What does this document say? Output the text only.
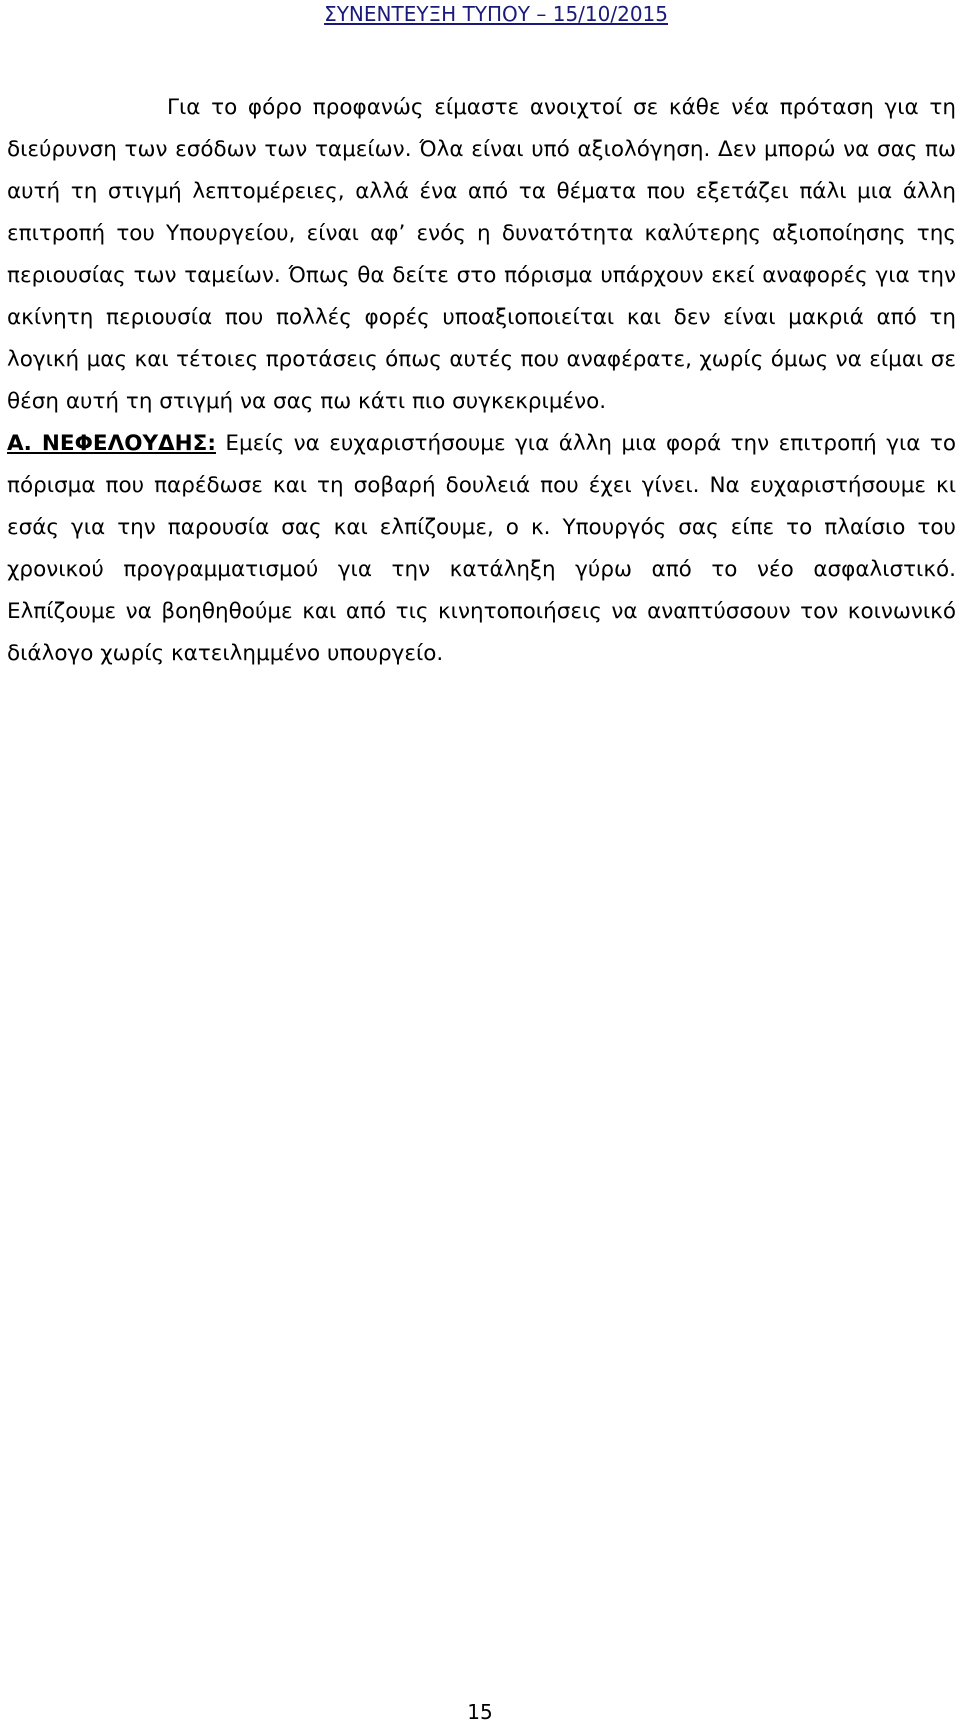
ΣΥΝΕΝΤΕΥΞΗ ΤΥΠΟΥ – 15/10/2015

Για το φόρο προφανώς είμαστε ανοιχτοί σε κάθε νέα πρόταση για τη διεύρυνση των εσόδων των ταμείων. Όλα είναι υπό αξιολόγηση. Δεν μπορώ να σας πω αυτή τη στιγμή λεπτομέρειες, αλλά ένα από τα θέματα που εξετάζει πάλι μια άλλη επιτροπή του Υπουργείου, είναι αφ’ ενός η δυνατότητα καλύτερης αξιοποίησης της περιουσίας των ταμείων. Όπως θα δείτε στο πόρισμα υπάρχουν εκεί αναφορές για την ακίνητη περιουσία που πολλές φορές υποαξιοποιείται και δεν είναι μακριά από τη λογική μας και τέτοιες προτάσεις όπως αυτές που αναφέρατε, χωρίς όμως να είμαι σε θέση αυτή τη στιγμή να σας πω κάτι πιο συγκεκριμένο.

Α. ΝΕΦΕΛΟΥΔΗΣ: Εμείς να ευχαριστήσουμε για άλλη μια φορά την επιτροπή για το πόρισμα που παρέδωσε και τη σοβαρή δουλειά που έχει γίνει. Να ευχαριστήσουμε κι εσάς για την παρουσία σας και ελπίζουμε, ο κ. Υπουργός σας είπε το πλαίσιο του χρονικού προγραμματισμού για την κατάληξη γύρω από το νέο ασφαλιστικό. Ελπίζουμε να βοηθηθούμε και από τις κινητοποιήσεις να αναπτύσσουν τον κοινωνικό διάλογο χωρίς κατειλημμένο υπουργείο.

15
